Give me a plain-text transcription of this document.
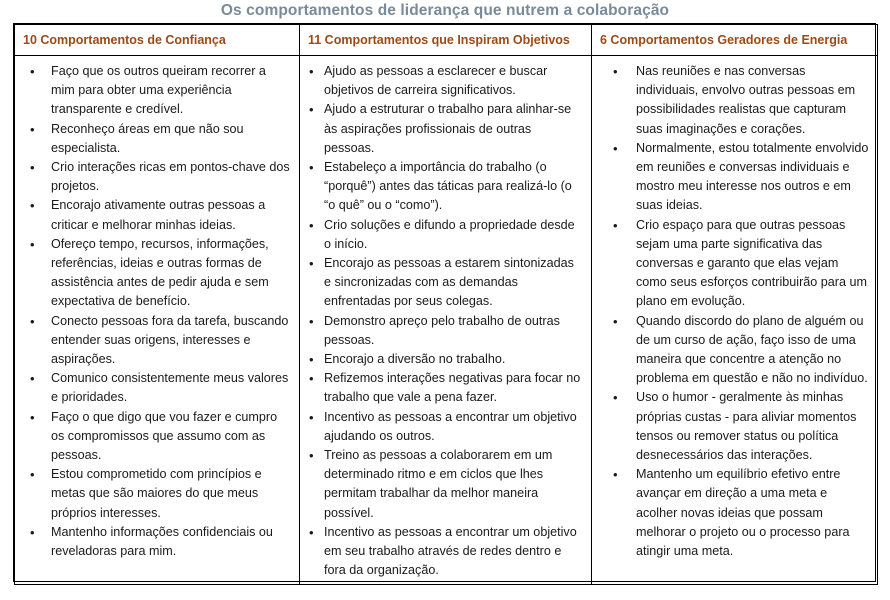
Os comportamentos de liderança que nutrem a colaboração
10 Comportamentos de Confiança	11 Comportamentos que Inspiram Objetivos	6 Comportamentos Geradores de Energia

• Faço que os outros queiram recorrer a mim para obter uma experiência transparente e credível.
• Reconheço áreas em que não sou especialista.
• Crio interações ricas em pontos-chave dos projetos.
• Encorajo ativamente outras pessoas a criticar e melhorar minhas ideias.
• Ofereço tempo, recursos, informações, referências, ideias e outras formas de assistência antes de pedir ajuda e sem expectativa de benefício.
• Conecto pessoas fora da tarefa, buscando entender suas origens, interesses e aspirações.
• Comunico consistentemente meus valores e prioridades.
• Faço o que digo que vou fazer e cumpro os compromissos que assumo com as pessoas.
• Estou comprometido com princípios e metas que são maiores do que meus próprios interesses.
• Mantenho informações confidenciais ou reveladoras para mim.

• Ajudo as pessoas a esclarecer e buscar objetivos de carreira significativos.
• Ajudo a estruturar o trabalho para alinhar-se às aspirações profissionais de outras pessoas.
• Estabeleço a importância do trabalho (o “porquê”) antes das táticas para realizá-lo (o “o quê” ou o “como”).
• Crio soluções e difundo a propriedade desde o início.
• Encorajo as pessoas a estarem sintonizadas e sincronizadas com as demandas enfrentadas por seus colegas.
• Demonstro apreço pelo trabalho de outras pessoas.
• Encorajo a diversão no trabalho.
• Refizemos interações negativas para focar no trabalho que vale a pena fazer.
• Incentivo as pessoas a encontrar um objetivo ajudando os outros.
• Treino as pessoas a colaborarem em um determinado ritmo e em ciclos que lhes permitam trabalhar da melhor maneira possível.
• Incentivo as pessoas a encontrar um objetivo em seu trabalho através de redes dentro e fora da organização.

• Nas reuniões e nas conversas individuais, envolvo outras pessoas em possibilidades realistas que capturam suas imaginações e corações.
• Normalmente, estou totalmente envolvido em reuniões e conversas individuais e mostro meu interesse nos outros e em suas ideias.
• Crio espaço para que outras pessoas sejam uma parte significativa das conversas e garanto que elas vejam como seus esforços contribuirão para um plano em evolução.
• Quando discordo do plano de alguém ou de um curso de ação, faço isso de uma maneira que concentre a atenção no problema em questão e não no indivíduo.
• Uso o humor - geralmente às minhas próprias custas - para aliviar momentos tensos ou remover status ou política desnecessários das interações.
• Mantenho um equilíbrio efetivo entre avançar em direção a uma meta e acolher novas ideias que possam melhorar o projeto ou o processo para atingir uma meta.
